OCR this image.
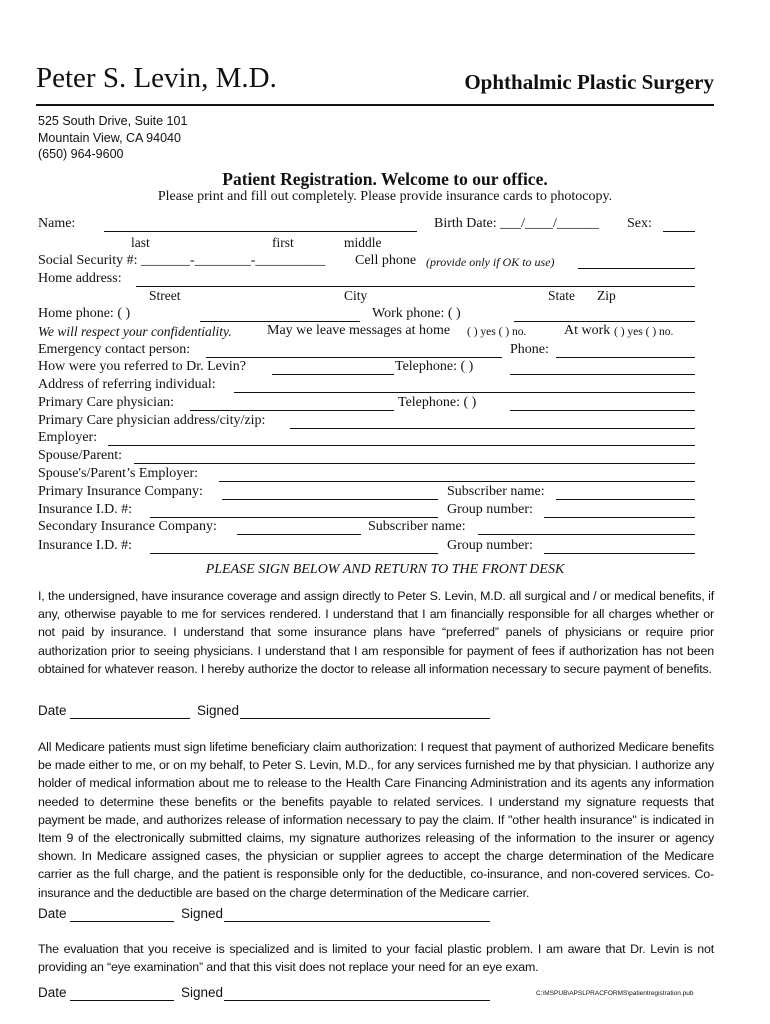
Peter S. Levin, M.D.	Ophthalmic Plastic Surgery
525 South Drive, Suite 101
Mountain View, CA 94040
(650) 964-9600
Patient Registration. Welcome to our office.
Please print and fill out completely. Please provide insurance cards to photocopy.
Name:	Birth Date: ___/____/______ Sex:
last	first	middle
Social Security #: _______-________-__________ Cell phone (provide only if OK to use)
Home address:
Street	City	State Zip
Home phone: ( )	Work phone: ( )
We will respect your confidentiality.	May we leave messages at home ( ) yes ( ) no.	At work ( ) yes ( ) no.
Emergency contact person:	Phone:
How were you referred to Dr. Levin?	Telephone: ( )
Address of referring individual:
Primary Care physician:	Telephone: ( )
Primary Care physician address/city/zip:
Employer:
Spouse/Parent:
Spouse's/Parent’s Employer:
Primary Insurance Company:	Subscriber name:
Insurance I.D. #:	Group number:
Secondary Insurance Company:	Subscriber name:
Insurance I.D. #:	Group number:
PLEASE SIGN BELOW AND RETURN TO THE FRONT DESK
I, the undersigned, have insurance coverage and assign directly to Peter S. Levin, M.D. all surgical and / or medical benefits, if any, otherwise payable to me for services rendered. I understand that I am financially responsible for all charges whether or not paid by insurance. I understand that some insurance plans have “preferred” panels of physicians or require prior authorization prior to seeing physicians. I understand that I am responsible for payment of fees if authorization has not been obtained for whatever reason. I hereby authorize the doctor to release all information necessary to secure payment of benefits.
Date	Signed
All Medicare patients must sign lifetime beneficiary claim authorization: I request that payment of authorized Medicare benefits be made either to me, or on my behalf, to Peter S. Levin, M.D., for any services furnished me by that physician. I authorize any holder of medical information about me to release to the Health Care Financing Administration and its agents any information needed to determine these benefits or the benefits payable to related services. I understand my signature requests that payment be made, and authorizes release of information necessary to pay the claim. If "other health insurance" is indicated in Item 9 of the electronically submitted claims, my signature authorizes releasing of the information to the insurer or agency shown. In Medicare assigned cases, the physician or supplier agrees to accept the charge determination of the Medicare carrier as the full charge, and the patient is responsible only for the deductible, co-insurance, and non-covered services. Co-insurance and the deductible are based on the charge determination of the Medicare carrier.
Date	Signed
The evaluation that you receive is specialized and is limited to your facial plastic problem. I am aware that Dr. Levin is not providing an “eye examination” and that this visit does not replace your need for an eye exam.
Date	Signed	C:\MSPUB\APSLPRACFORMS\patientregistration.pub
